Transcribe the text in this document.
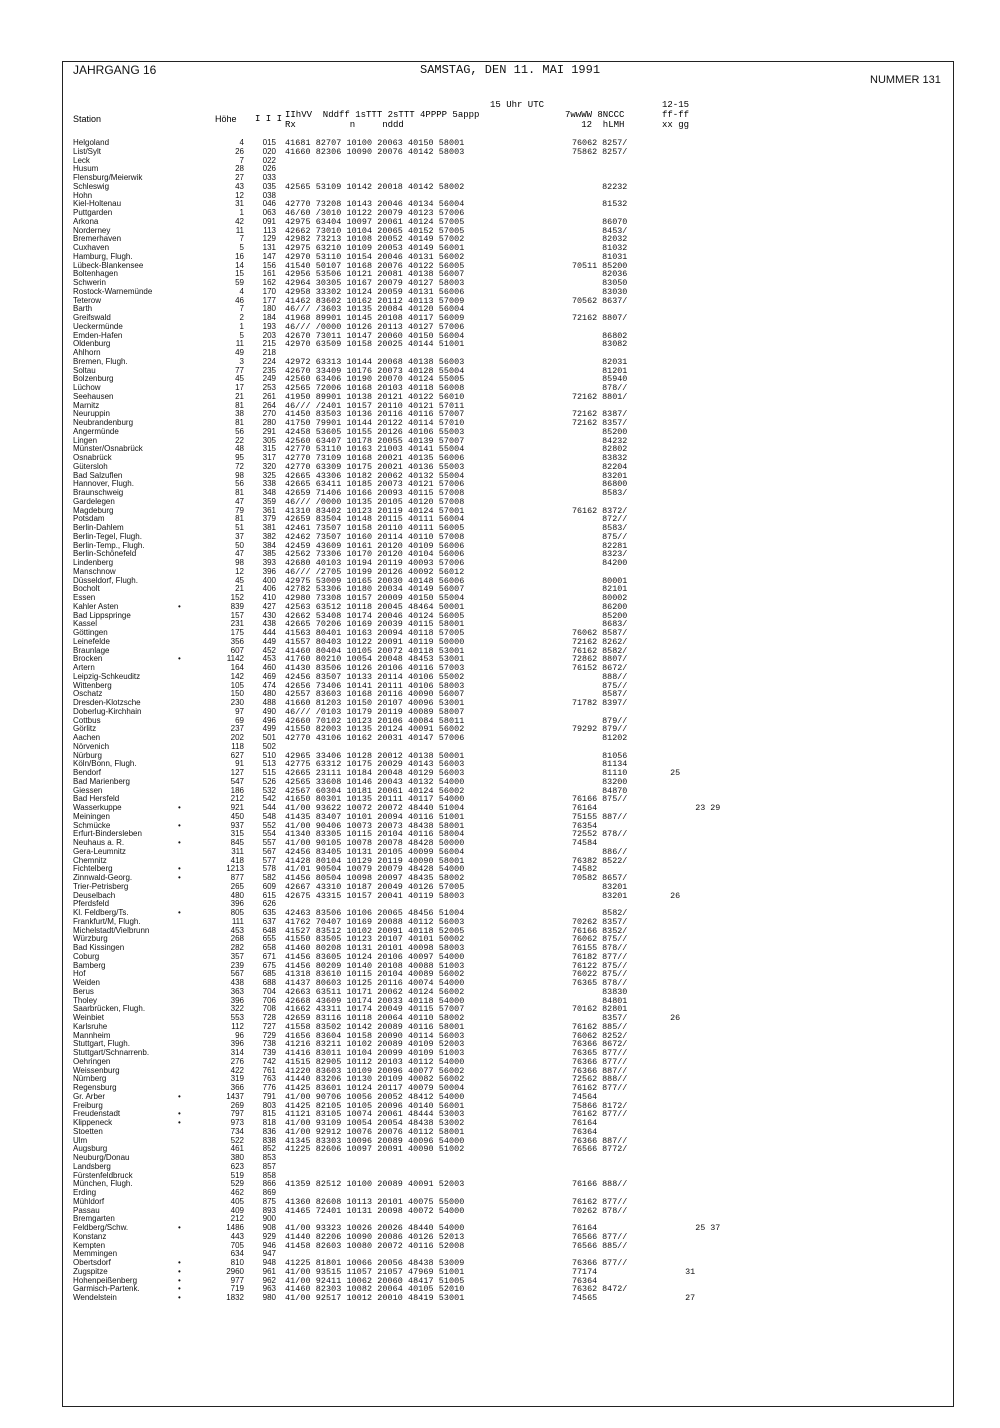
JAHRGANG 16	SAMSTAG, DEN 11. MAI 1991
NUMMER 131
15 Uhr UTC	12-15
Station	Höhe I I I IIhVV  Nddff 1sTTT 2sTTT 4PPPP 5appp
Rx          n     nddd
7wwWW 8NCCC
12  hLMH
ff-ff
xx gg
Helgoland	4	015 41681 82707 10100 20063 40150 58001	76062 8257/
List/Sylt	26	020 41660 82306 10090 20076 40142 58003	75862 8257/
Leck	7	022
Husum	28	026
Flensburg/Meierwik	27	033
Schleswig	43	035 42565 53109 10142 20018 40142 58002	82232
Hohn	12	038
Kiel-Holtenau	31	046 42770 73208 10143 20046 40134 56004	81532
Puttgarden	1	063 46/60 /3010 10122 20079 40123 57006
Arkona	42	091 42975 63404 10097 20061 40124 57005	86070
Norderney	11	113 42662 73010 10104 20065 40152 57005	8453/
Bremerhaven	7	129 42982 73213 10108 20052 40149 57002	82032
Cuxhaven	5	131 42975 63210 10109 20053 40149 56001	81032
Hamburg, Flugh.	16	147 42970 53110 10154 20046 40131 56002	81031
Lübeck-Blankensee	14	156 41540 50107 10168 20076 40122 56005	70511 85200
Boltenhagen	15	161 42956 53506 10121 20081 40138 56007	82036
Schwerin	59	162 42964 30305 10167 20079 40127 58003	83050
Rostock-Warnemünde	4	170 42958 33302 10124 20059 40131 56006	83030
Teterow	46	177 41462 83602 10162 20112 40113 57009	70562 8637/
Barth	7	180 46/// /3603 10135 20084 40120 56004
Greifswald	2	184 41968 89901 10145 20108 40117 56009	72162 8807/
Ueckermünde	1	193 46/// /0000 10126 20113 40127 57006
Emden-Hafen	5	203 42670 73011 10147 20060 40150 56004	86802
Oldenburg	11	215 42970 63509 10158 20025 40144 51001	83082
Ahlhorn	49	218
Bremen, Flugh.	3	224 42972 63313 10144 20068 40138 56003	82031
Soltau	77	235 42670 33409 10176 20073 40128 55004	81201
Bolzenburg	45	249 42560 63406 10190 20070 40124 55005	85940
Lüchow	17	253 42565 72006 10168 20103 40118 56008	878//
Seehausen	21	261 41950 89901 10138 20121 40122 56010	72162 8801/
Marnitz	81	264 46/// /2401 10157 20110 40121 57011
Neuruppin	38	270 41450 83503 10136 20116 40116 57007	72162 8387/
Neubrandenburg	81	280 41750 79901 10144 20122 40114 57010	72162 8357/
Angermünde	56	291 42458 53605 10155 20126 40106 55003	85200
Lingen	22	305 42560 63407 10178 20055 40139 57007	84232
Münster/Osnabrück	48	315 42770 53110 10163 21003 40141 55004	82802
Osnabrück	95	317 42770 73109 10168 20021 40135 56006	83832
Gütersloh	72	320 42770 63309 10175 20021 40136 55003	82204
Bad Salzuflen	98	325 42665 43306 10182 20062 40132 55004	83201
Hannover, Flugh.	56	338 42665 63411 10185 20073 40121 57006	86800
Braunschweig	81	348 42659 71406 10166 20093 40115 57008	8583/
Gardelegen	47	359 46/// /0000 10135 20105 40120 57008
Magdeburg	79	361 41310 83402 10123 20119 40124 57001	76162 8372/
Potsdam	81	379 42659 83504 10148 20115 40111 56004	872//
Berlin-Dahlem	51	381 42461 73507 10158 20110 40111 56005	8583/
Berlin-Tegel, Flugh.	37	382 42462 73507 10160 20114 40110 57008	875//
Berlin-Temp., Flugh.	50	384 42459 43609 10161 20120 40109 56006	82281
Berlin-Schönefeld	47	385 42562 73306 10170 20120 40104 56006	8323/
Lindenberg	98	393 42680 40103 10194 20119 40093 57006	84200
Manschnow	12	396 46/// /2705 10199 20126 40092 56012
Düsseldorf, Flugh.	45	400 42975 53009 10165 20030 40148 56006	80001
Bocholt	21	406 42782 53306 10180 20034 40149 56007	82101
Essen	152	410 42980 73308 10157 20009 40150 55004	80002
Kahler Asten	•	839	427 42563 63512 10118 20045 48464 50001	86200
Bad Lippspringe	157	430 42662 53408 10174 20046 40124 56005	85200
Kassel	231	438 42665 70206 10169 20039 40115 58001	8683/
Göttingen	175	444 41563 80401 10163 20094 40118 57005	76062 8587/
Leinefelde	356	449 41557 80403 10122 20091 40119 50000	72162 8262/
Braunlage	607	452 41460 80404 10105 20072 40118 53001	76162 8582/
Brocken	•	1142	453 41760 80210 10054 20048 48453 53001	72862 8807/
Artern	164	460 41430 83506 10126 20106 40116 57003	76152 8672/
Leipzig-Schkeuditz	142	469 42456 83507 10133 20114 40106 55002	888//
Wittenberg	105	474 42656 73406 10141 20111 40106 58003	875//
Oschatz	150	480 42557 83603 10168 20116 40090 56007	8587/
Dresden-Klotzsche	230	488 41660 81203 10150 20107 40096 53001	71782 8397/
Doberlug-Kirchhain	97	490 46/// /0103 10179 20119 40089 58007
Cottbus	69	496 42660 70102 10123 20106 40084 58011	879//
Görlitz	237	499 41550 82003 10135 20124 40091 56002	79292 879//
Aachen	202	501 42770 43106 10162 20031 40147 57006	81202
Nörvenich	118	502
Nürburg	627	510 42965 33406 10128 20012 40138 50001	81056
Köln/Bonn, Flugh.	91	513 42775 63312 10175 20029 40143 56003	81134
Bendorf	127	515 42665 23111 10184 20048 40129 56003	81110	25
Bad Marienberg	547	526 42565 33608 10146 20043 40132 54000	83200
Giessen	186	532 42567 60304 10181 20061 40124 56002	84870
Bad Hersfeld	212	542 41650 80301 10135 20111 40117 54000	76166 875//
Wasserkuppe	•	921	544 41/00 93622 10072 20072 48440 51004	76164	23 29
Meiningen	450	548 41435 83407 10101 20094 40116 51001	75155 887//
Schmücke	•	937	552 41/00 90406 10073 20073 48438 58001	76354
Erfurt-Bindersleben	315	554 41340 83305 10115 20104 40116 58004	72552 878//
Neuhaus a. R.	•	845	557 41/00 90105 10078 20078 48428 50000	74584
Gera-Leumnitz	311	567 42456 83405 10131 20105 40099 56004	886//
Chemnitz	418	577 41428 80104 10129 20119 40090 58001	76382 8522/
Fichtelberg	•	1213	578 41/01 90504 10079 20079 48428 54000	74582
Zinnwald-Georg.	•	877	582 41456 80504 10098 20097 48435 58002	70582 8657/
Trier-Petrisberg	265	609 42667 43310 10187 20049 40126 57005	83201
Deuselbach	480	615 42675 43315 10157 20041 40119 58003	83201	26
Pferdsfeld	396	626
Kl. Feldberg/Ts.	•	805	635 42463 83506 10106 20065 48456 51004	8582/
Frankfurt/M, Flugh.	111	637 41762 70407 10169 20088 40112 56003	70262 8357/
Michelstadt/Vielbrunn	453	648 41527 83512 10102 20091 40118 52005	76166 8352/
Würzburg	268	655 41550 83505 10123 20107 40101 50002	76062 875//
Bad Kissingen	282	658 41460 80208 10131 20101 40098 58003	76155 878//
Coburg	357	671 41456 83605 10124 20106 40097 54000	76182 877//
Bamberg	239	675 41456 80209 10140 20108 40088 51003	76122 875//
Hof	567	685 41318 83610 10115 20104 40089 56002	76022 875//
Weiden	438	688 41437 80603 10125 20116 40074 54000	76365 878//
Berus	363	704 42663 63511 10171 20062 40124 56002	83830
Tholey	396	706 42668 43609 10174 20033 40118 54000	84801
Saarbrücken, Flugh.	322	708 41662 43311 10174 20049 40115 57007	70162 82801
Weinbiet	553	728 42659 83116 10118 20064 40110 58002	8357/	26
Karlsruhe	112	727 41558 83502 10142 20089 40116 58001	76162 885//
Mannheim	96	729 41656 83604 10158 20090 40114 56003	76062 8252/
Stuttgart, Flugh.	396	738 41216 83211 10102 20089 40109 52003	76366 8672/
Stuttgart/Schnarrenb.	314	739 41416 83011 10104 20099 40109 51003	76365 877//
Oehringen	276	742 41515 82905 10112 20103 40112 54000	76366 877//
Weissenburg	422	761 41220 83603 10109 20096 40077 56002	76366 887//
Nürnberg	319	763 41440 83206 10130 20109 40082 56002	72562 888//
Regensburg	366	776 41425 83601 10124 20117 40079 50004	76162 877//
Gr. Arber	•	1437	791 41/00 90706 10056 20052 48412 54000	74564
Freiburg	269	803 41425 82105 10105 20096 40140 56001	75866 8172/
Freudenstadt	•	797	815 41121 83105 10074 20061 48444 53003	76162 877//
Klippeneck	•	973	818 41/00 93109 10054 20054 48438 53002	76164
Stoetten	734	836 41/00 92912 10076 20076 40112 58001	76364
Ulm	522	838 41345 83303 10096 20089 40096 54000	76366 887//
Augsburg	461	852 41225 82606 10097 20091 40090 51002	76566 8772/
Neuburg/Donau	380	853
Landsberg	623	857
Fürstenfeldbruck	519	858
München, Flugh.	529	866 41359 82512 10100 20089 40091 52003	76166 888//
Erding	462	869
Mühldorf	405	875 41360 82608 10113 20101 40075 55000	76162 877//
Passau	409	893 41465 72401 10131 20098 40072 54000	70262 878//
Bremgarten	212	900
Feldberg/Schw.	•	1486	908 41/00 93323 10026 20026 48440 54000	76164	25 37
Konstanz	443	929 41440 82206 10090 20086 40126 52013	76566 877//
Kempten	705	946 41458 82603 10080 20072 40116 52008	76566 885//
Memmingen	634	947
Obertsdorf	•	810	948 41225 81801 10066 20056 48438 53009	76366 877//
Zugspitze	•	2960	961 41/00 93515 11057 21057 47969 51001	77174	31
Hohenpeißenberg	•	977	962 41/00 92411 10062 20060 48417 51005	76364
Garmisch-Partenk.	•	719	963 41460 82303 10082 20064 40105 52010	76362 8472/
Wendelstein	•	1832	980 41/00 92517 10012 20010 48419 53001	74565	27
